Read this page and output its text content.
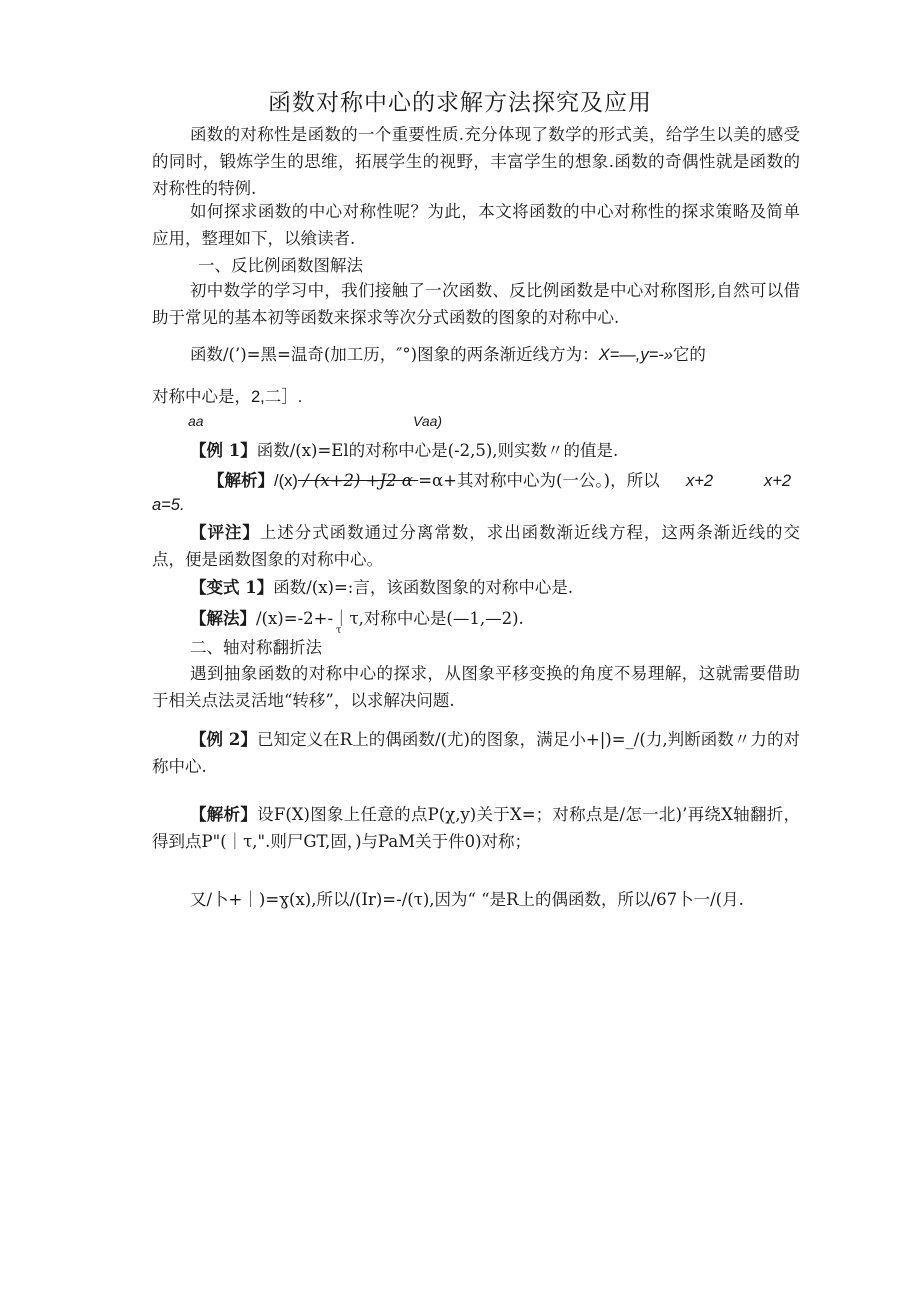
函数对称中心的求解方法探究及应用
函数的对称性是函数的一个重要性质.充分体现了数学的形式美，给学生以美的感受的同时，锻炼学生的思维，拓展学生的视野，丰富学生的想象.函数的奇偶性就是函数的对称性的特例.
如何探求函数的中心对称性呢？为此，本文将函数的中心对称性的探求策略及简单应用，整理如下，以飨读者.
一、反比例函数图解法
初中数学的学习中，我们接触了一次函数、反比例函数是中心对称图形,自然可以借助于常见的基本初等函数来探求等次分式函数的图象的对称中心.
函数/(’)=黑=温奇(加工历，″°)图象的两条渐近线方为：X=—,y=-»它的
对称中心是，2,二］.
aa	Vaa)
【例 1】函数/(x)=El的对称中心是(-2,5),则实数〃的值是.
【解析】/(x) / (x+2) +J2 α =α+其对称中心为(一公。)，所以 x+2	x+2
a=5.
【评注】上述分式函数通过分离常数，求出函数渐近线方程，这两条渐近线的交点，便是函数图象的对称中心。
【变式 1】函数/(x)=:言，该函数图象的对称中心是.
【解法】/(x)=-2+-｜τ,对称中心是(—1,—2).
τ
二、轴对称翻折法
遇到抽象函数的对称中心的探求，从图象平移变换的角度不易理解，这就需要借助于相关点法灵活地“转移”，以求解决问题.
【例 2】已知定义在R上的偶函数/(尤)的图象，满足小+|)=_/(力,判断函数〃力的对称中心.
【解析】设F(X)图象上任意的点P(χ,y)关于X=；对称点是/怎一北)’再绕X轴翻折，得到点P"(｜τ,".则尸GT,固，)与PaM关于件0)对称；
又/卜+｜)=ɣ(x),所以/(Ir)=-/(τ),因为“ “是R上的偶函数，所以/67卜一/(月.
